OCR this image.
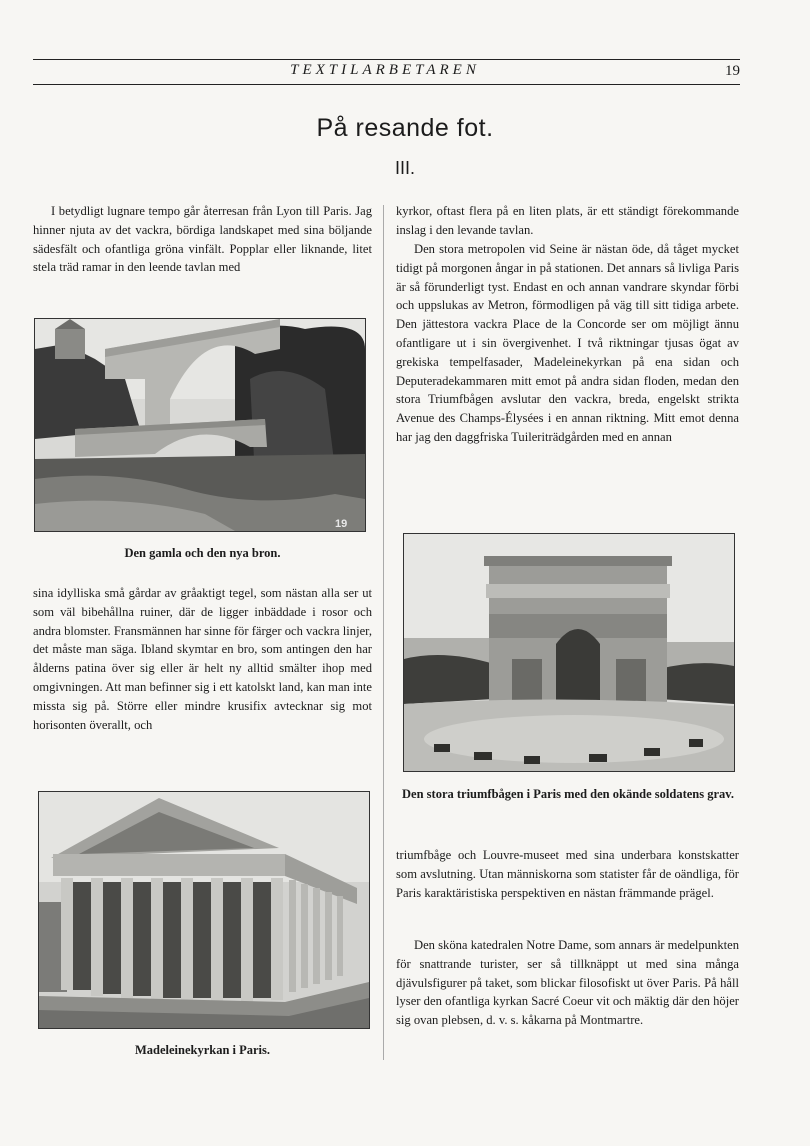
TEXTILARBETAREN	19
På resande fot.
III.

I betydligt lugnare tempo går återresan från Lyon till Paris. Jag hinner njuta av det vackra, bördiga landskapet med sina böljande sädesfält och ofantliga gröna vinfält. Popplar eller liknande, litet stela träd ramar in den leende tavlan med

19

Den gamla och den nya bron.

sina idylliska små gårdar av gråaktigt tegel, som nästan alla ser ut som väl bibehållna ruiner, där de ligger inbäddade i rosor och andra blomster. Fransmännen har sinne för färger och vackra linjer, det måste man säga. Ibland skymtar en bro, som antingen den har ålderns patina över sig eller är helt ny alltid smälter ihop med omgivningen. Att man befinner sig i ett katolskt land, kan man inte missta sig på. Större eller mindre krusifix avtecknar sig mot horisonten överallt, och

Madeleinekyrkan i Paris.

kyrkor, oftast flera på en liten plats, är ett ständigt förekommande inslag i den levande tavlan.

Den stora metropolen vid Seine är nästan öde, då tåget mycket tidigt på morgonen ångar in på stationen. Det annars så livliga Paris är så förunderligt tyst. Endast en och annan vandrare skyndar förbi och uppslukas av Metron, förmodligen på väg till sitt tidiga arbete. Den jättestora vackra Place de la Concorde ser om möjligt ännu ofantligare ut i sin övergivenhet. I två riktningar tjusas ögat av grekiska tempelfasader, Madeleinekyrkan på ena sidan och Deputeradekammaren mitt emot på andra sidan floden, medan den stora Triumfbågen avslutar den vackra, breda, engelskt strikta Avenue des Champs-Élysées i en annan riktning. Mitt emot denna har jag den daggfriska Tuileriträdgården med en annan

Den stora triumfbågen i Paris med den okände soldatens grav.

triumfbåge och Louvre-museet med sina underbara konstskatter som avslutning. Utan människorna som statister får de oändliga, för Paris karaktäristiska perspektiven en nästan främmande prägel.

Den sköna katedralen Notre Dame, som annars är medelpunkten för snattrande turister, ser så tillknäppt ut med sina många djävulsfigurer på taket, som blickar filosofiskt ut över Paris. På håll lyser den ofantliga kyrkan Sacré Coeur vit och mäktig där den höjer sig ovan plebsen, d. v. s. kåkarna på Montmartre.
